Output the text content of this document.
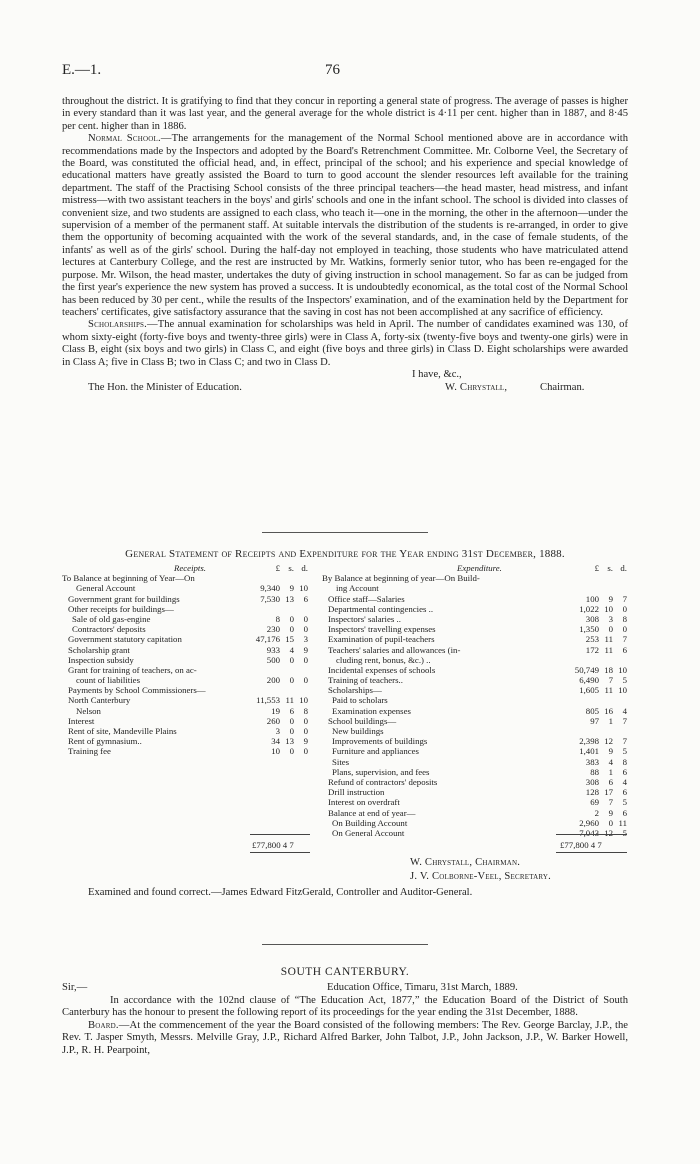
E.—1.	76

throughout the district. It is gratifying to find that they concur in reporting a general state of progress. The average of passes is higher in every standard than it was last year, and the general average for the whole district is 4·11 per cent. higher than in 1887, and 8·45 per cent. higher than in 1886.

Normal School.—The arrangements for the management of the Normal School mentioned above are in accordance with recommendations made by the Inspectors and adopted by the Board's Retrenchment Committee. Mr. Colborne Veel, the Secretary of the Board, was constituted the official head, and, in effect, principal of the school; and his experience and special knowledge of educational matters have greatly assisted the Board to turn to good account the slender resources left available for the training department. The staff of the Practising School consists of the three principal teachers—the head master, head mistress, and infant mistress—with two assistant teachers in the boys' and girls' schools and one in the infant school. The school is divided into classes of convenient size, and two students are assigned to each class, who teach it—one in the morning, the other in the afternoon—under the supervision of a member of the permanent staff. At suitable intervals the distribution of the students is re-arranged, in order to give them the opportunity of becoming acquainted with the work of the several standards, and, in the case of female students, of the infants' as well as of the girls' school. During the half-day not employed in teaching, those students who have matriculated attend lectures at Canterbury College, and the rest are instructed by Mr. Watkins, formerly senior tutor, who has been re-engaged for the purpose. Mr. Wilson, the head master, undertakes the duty of giving instruction in school management. So far as can be judged from the first year's experience the new system has proved a success. It is undoubtedly economical, as the total cost of the Normal School has been reduced by 30 per cent., while the results of the Inspectors' examination, and of the examination held by the Department for teachers' certificates, give satisfactory assurance that the saving in cost has not been accomplished at any sacrifice of efficiency.

Scholarships.—The annual examination for scholarships was held in April. The number of candidates examined was 130, of whom sixty-eight (forty-five boys and twenty-three girls) were in Class A, forty-six (twenty-five boys and twenty-one girls) were in Class B, eight (six boys and two girls) in Class C, and eight (five boys and three girls) in Class D. Eight scholarships were awarded in Class A; five in Class B; two in Class C; and two in Class D.

I have, &c.,
The Hon. the Minister of Education.	W. Chrystall,	Chairman.
General Statement of Receipts and Expenditure for the Year ending 31st December, 1888.
Receipts.	£ s. d.
To Balance at beginning of Year—On
General Account	9,340 9 10
Government grant for buildings	7,530 13 6
Other receipts for buildings—
Sale of old gas-engine	8 0 0
Contractors' deposits	230 0 0
Government statutory capitation	47,176 15 3
Scholarship grant	933 4 9
Inspection subsidy	500 0 0
Grant for training of teachers, on ac-
count of liabilities	200 0 0
Payments by School Commissioners—
North Canterbury	11,553 11 10
Nelson	19 6 8
Interest	260 0 0
Rent of site, Mandeville Plains	3 0 0
Rent of gymnasium..	34 13 9
Training fee	10 0 0
Expenditure.	£ s. d.
By Balance at beginning of year—On Build-
ing Account
Office staff—Salaries	100 9 7
Departmental contingencies ..	1,022 10 0
Inspectors' salaries ..	308 3 8
Inspectors' travelling expenses	1,350 0 0
Examination of pupil-teachers	253 11 7
Teachers' salaries and allowances (in-	172 11 6
cluding rent, bonus, &c.) ..
Incidental expenses of schools	50,749 18 10
Training of teachers..	6,490 7 5
Scholarships—	1,605 11 10
Paid to scholars
Examination expenses	805 16 4
School buildings—	97 1 7
New buildings
Improvements of buildings	2,398 12 7
Furniture and appliances	1,401 9 5
Sites	383 4 8
Plans, supervision, and fees	88 1 6
Refund of contractors' deposits	308 6 4
Drill instruction	128 17 6
Interest on overdraft	69 7 5
Balance at end of year—	2 9 6
On Building Account	2,960 0 11
On General Account	7,043 12 5
£77,800 4 7	£77,800 4 7
W. Chrystall, Chairman.
J. V. Colborne-Veel, Secretary.
Examined and found correct.—James Edward FitzGerald, Controller and Auditor-General.
SOUTH CANTERBURY.
Sir,—	Education Office, Timaru, 31st March, 1889.

In accordance with the 102nd clause of “The Education Act, 1877,” the Education Board of the District of South Canterbury has the honour to present the following report of its proceedings for the year ending the 31st December, 1888.

Board.—At the commencement of the year the Board consisted of the following members: The Rev. George Barclay, J.P., the Rev. T. Jasper Smyth, Messrs. Melville Gray, J.P., Richard Alfred Barker, John Talbot, J.P., John Jackson, J.P., W. Barker Howell, J.P., R. H. Pearpoint,
